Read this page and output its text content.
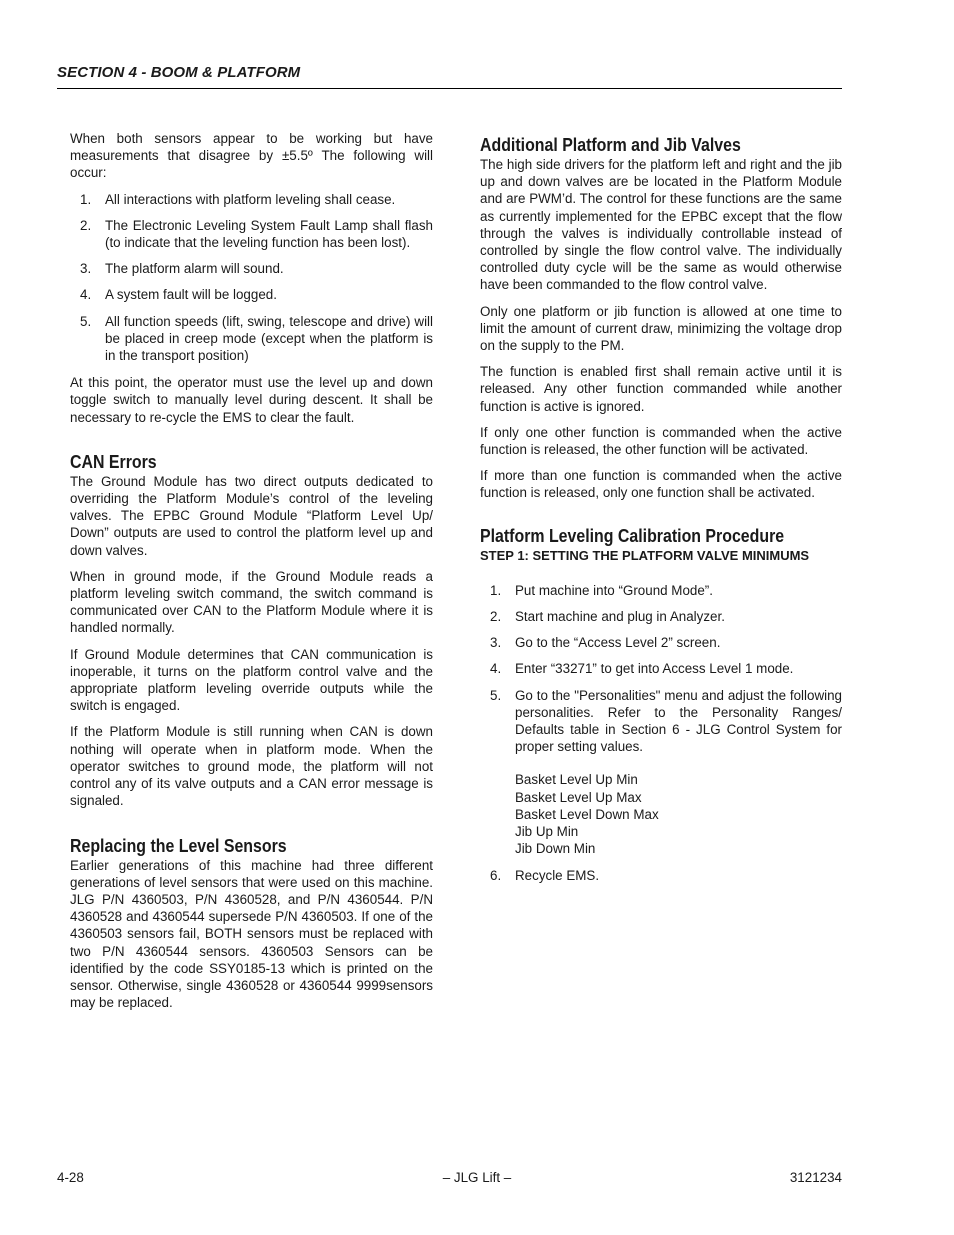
SECTION 4 - BOOM & PLATFORM

When both sensors appear to be working but have measurements that disagree by ±5.5º The following will occur:

1. All interactions with platform leveling shall cease.
2. The Electronic Leveling System Fault Lamp shall flash (to indicate that the leveling function has been lost).
3. The platform alarm will sound.
4. A system fault will be logged.
5. All function speeds (lift, swing, telescope and drive) will be placed in creep mode (except when the platform is in the transport position)

At this point, the operator must use the level up and down toggle switch to manually level during descent. It shall be necessary to re-cycle the EMS to clear the fault.

CAN Errors

The Ground Module has two direct outputs dedicated to overriding the Platform Module’s control of the leveling valves. The EPBC Ground Module “Platform Level Up/ Down” outputs are used to control the platform level up and down valves.

When in ground mode, if the Ground Module reads a platform leveling switch command, the switch command is communicated over CAN to the Platform Module where it is handled normally.

If Ground Module determines that CAN communication is inoperable, it turns on the platform control valve and the appropriate platform leveling override outputs while the switch is engaged.

If the Platform Module is still running when CAN is down nothing will operate when in platform mode. When the operator switches to ground mode, the platform will not control any of its valve outputs and a CAN error message is signaled.

Replacing the Level Sensors

Earlier generations of this machine had three different generations of level sensors that were used on this machine. JLG P/N 4360503, P/N 4360528, and P/N 4360544. P/N 4360528 and 4360544 supersede P/N 4360503. If one of the 4360503 sensors fail, BOTH sensors must be replaced with two P/N 4360544 sensors. 4360503 Sensors can be identified by the code SSY0185-13 which is printed on the sensor. Otherwise, single 4360528 or 4360544 9999sensors may be replaced.

Additional Platform and Jib Valves

The high side drivers for the platform left and right and the jib up and down valves are be located in the Platform Module and are PWM’d. The control for these functions are the same as currently implemented for the EPBC except that the flow through the valves is individually controllable instead of controlled by single the flow control valve. The individually controlled duty cycle will be the same as would otherwise have been commanded to the flow control valve.

Only one platform or jib function is allowed at one time to limit the amount of current draw, minimizing the voltage drop on the supply to the PM.

The function is enabled first shall remain active until it is released. Any other function commanded while another function is active is ignored.

If only one other function is commanded when the active function is released, the other function will be activated.

If more than one function is commanded when the active function is released, only one function shall be activated.

Platform Leveling Calibration Procedure
STEP 1: SETTING THE PLATFORM VALVE MINIMUMS
1. Put machine into “Ground Mode”.
2. Start machine and plug in Analyzer.
3. Go to the “Access Level 2” screen.
4. Enter “33271” to get into Access Level 1 mode.
5. Go to the "Personalities" menu and adjust the following personalities. Refer to the Personality Ranges/ Defaults table in Section 6 - JLG Control System for proper setting values.
Basket Level Up Min
Basket Level Up Max
Basket Level Down Max
Jib Up Min
Jib Down Min
6. Recycle EMS.
4-28	– JLG Lift –	3121234
